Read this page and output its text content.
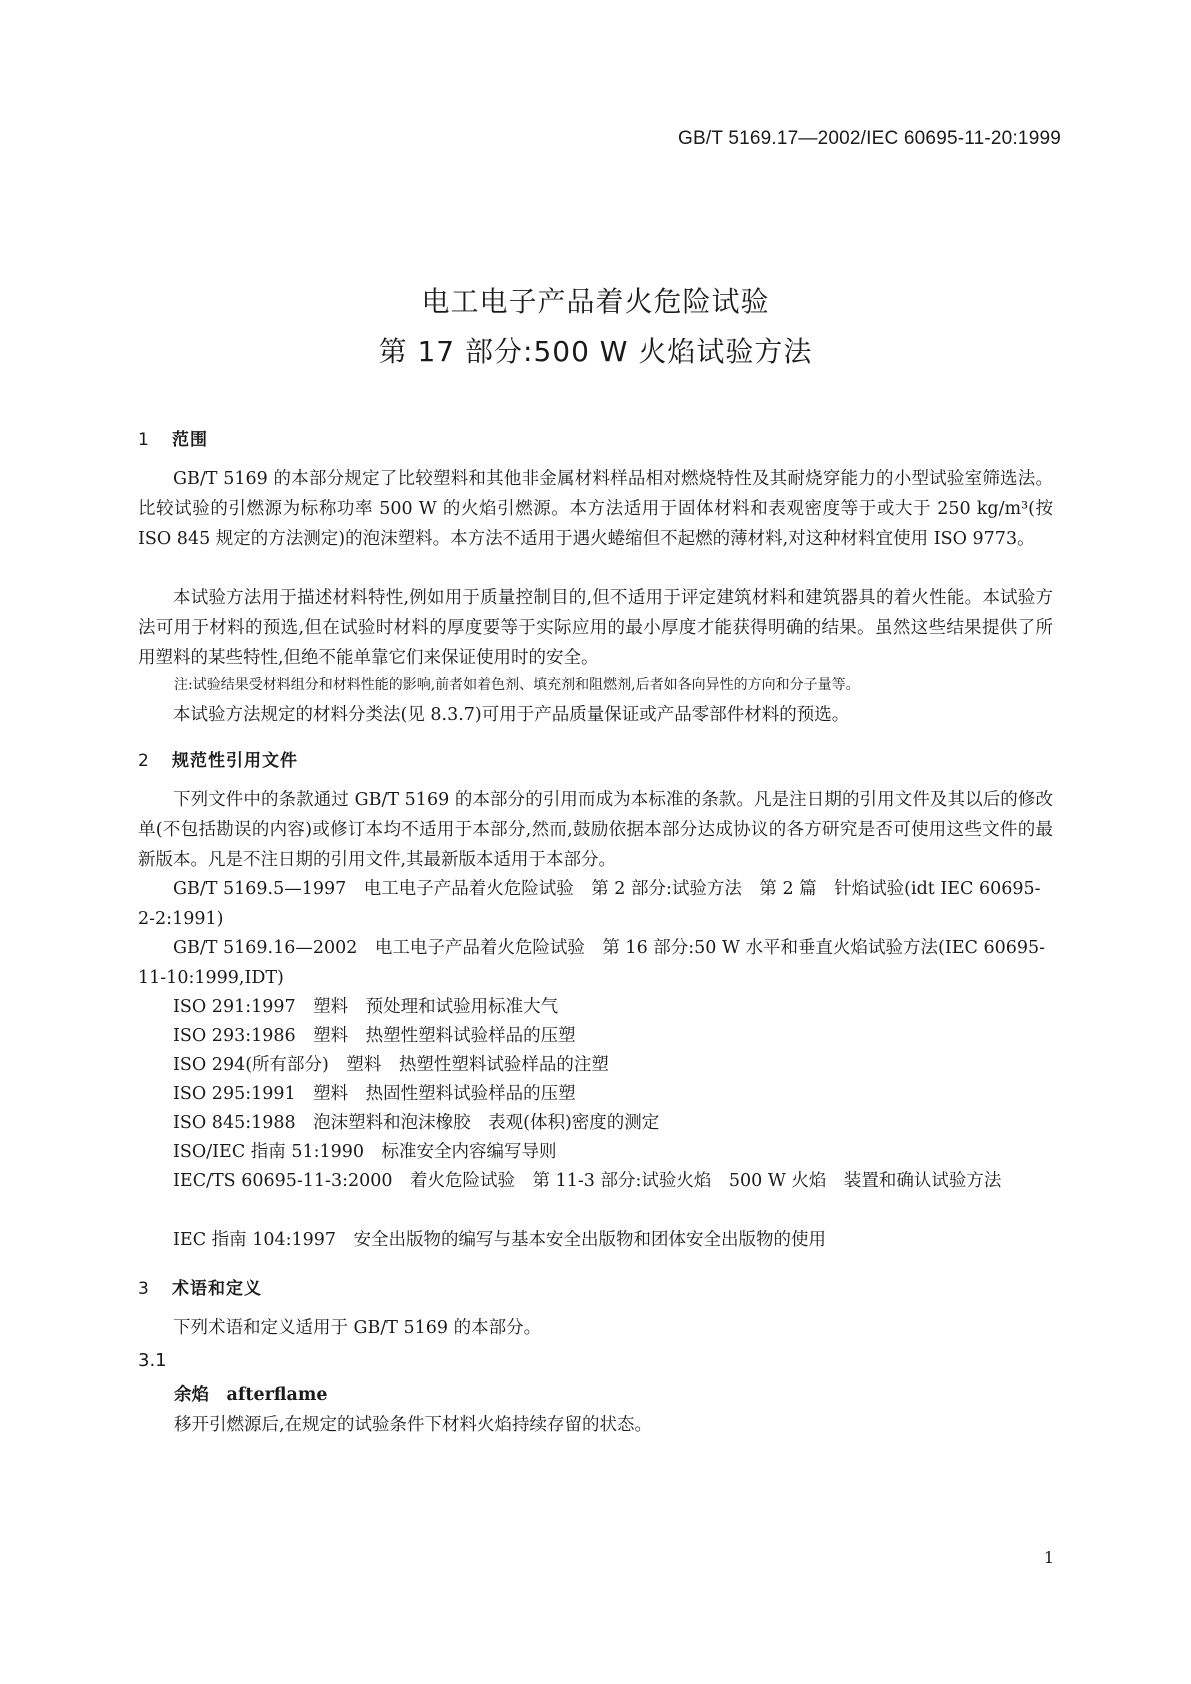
GB/T 5169.17—2002/IEC 60695-11-20:1999
电工电子产品着火危险试验
第 17 部分:500 W 火焰试验方法
1 范围
GB/T 5169 的本部分规定了比较塑料和其他非金属材料样品相对燃烧特性及其耐烧穿能力的小型试验室筛选法。比较试验的引燃源为标称功率 500 W 的火焰引燃源。本方法适用于固体材料和表观密度等于或大于 250 kg/m³(按 ISO 845 规定的方法测定)的泡沫塑料。本方法不适用于遇火蜷缩但不起燃的薄材料,对这种材料宜使用 ISO 9773。
本试验方法用于描述材料特性,例如用于质量控制目的,但不适用于评定建筑材料和建筑器具的着火性能。本试验方法可用于材料的预选,但在试验时材料的厚度要等于实际应用的最小厚度才能获得明确的结果。虽然这些结果提供了所用塑料的某些特性,但绝不能单靠它们来保证使用时的安全。
注:试验结果受材料组分和材料性能的影响,前者如着色剂、填充剂和阻燃剂,后者如各向异性的方向和分子量等。
本试验方法规定的材料分类法(见 8.3.7)可用于产品质量保证或产品零部件材料的预选。
2 规范性引用文件
下列文件中的条款通过 GB/T 5169 的本部分的引用而成为本标准的条款。凡是注日期的引用文件及其以后的修改单(不包括勘误的内容)或修订本均不适用于本部分,然而,鼓励依据本部分达成协议的各方研究是否可使用这些文件的最新版本。凡是不注日期的引用文件,其最新版本适用于本部分。
GB/T 5169.5—1997　电工电子产品着火危险试验　第 2 部分:试验方法　第 2 篇　针焰试验(idt IEC 60695-2-2:1991)
GB/T 5169.16—2002　电工电子产品着火危险试验　第 16 部分:50 W 水平和垂直火焰试验方法(IEC 60695-11-10:1999,IDT)
ISO 291:1997　塑料　预处理和试验用标准大气
ISO 293:1986　塑料　热塑性塑料试验样品的压塑
ISO 294(所有部分)　塑料　热塑性塑料试验样品的注塑
ISO 295:1991　塑料　热固性塑料试验样品的压塑
ISO 845:1988　泡沫塑料和泡沫橡胶　表观(体积)密度的测定
ISO/IEC 指南 51:1990　标准安全内容编写导则
IEC/TS 60695-11-3:2000　着火危险试验　第 11-3 部分:试验火焰　500 W 火焰　装置和确认试验方法
IEC 指南 104:1997　安全出版物的编写与基本安全出版物和团体安全出版物的使用
3 术语和定义
下列术语和定义适用于 GB/T 5169 的本部分。
3.1
余焰　afterflame
移开引燃源后,在规定的试验条件下材料火焰持续存留的状态。
1
